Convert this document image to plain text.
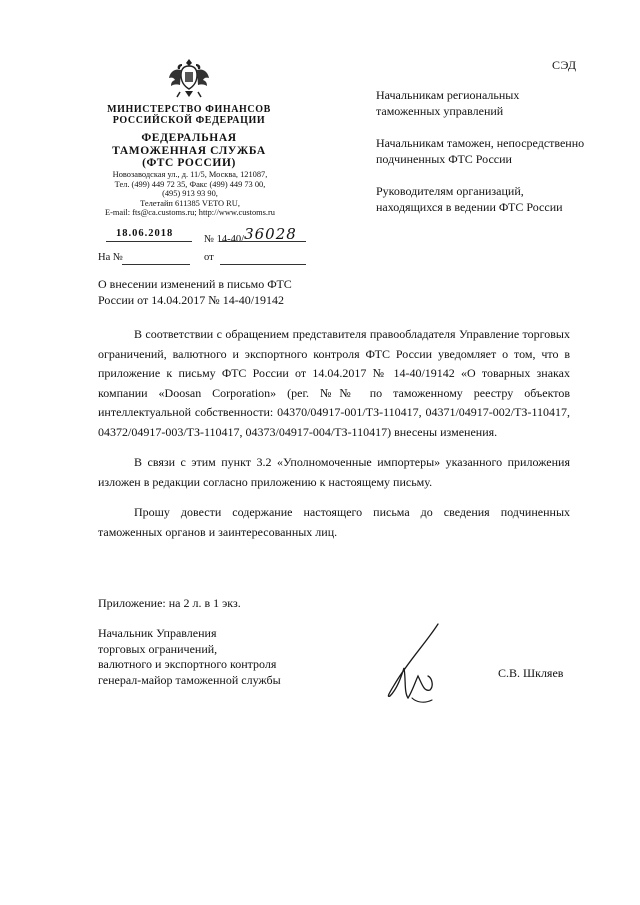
СЭД
МИНИСТЕРСТВО ФИНАНСОВ
РОССИЙСКОЙ ФЕДЕРАЦИИ
ФЕДЕРАЛЬНАЯ
ТАМОЖЕННАЯ СЛУЖБА
(ФТС РОССИИ)
Новозаводская ул., д. 11/5, Москва, 121087,
Тел. (499) 449 72 35, Факс (499) 449 73 00,
(495) 913 93 90,
Телетайп 611385 VETO RU,
E-mail: fts@ca.customs.ru; http://www.customs.ru
18.06.2018
№ 14-40/36028
На №	от

Начальникам региональных таможенных управлений

Начальникам таможен, непосредственно подчиненных ФТС России

Руководителям организаций, находящихся в ведении ФТС России

О внесении изменений в письмо ФТС России от 14.04.2017 № 14-40/19142

В соответствии с обращением представителя правообладателя Управление торговых ограничений, валютного и экспортного контроля ФТС России уведомляет о том, что в приложение к письму ФТС России от 14.04.2017 № 14-40/19142 «О товарных знаках компании «Doosan Corporation» (рег. №№ по таможенному реестру объектов интеллектуальной собственности: 04370/04917-001/ТЗ-110417, 04371/04917-002/ТЗ-110417, 04372/04917-003/ТЗ-110417, 04373/04917-004/ТЗ-110417) внесены изменения.

В связи с этим пункт 3.2 «Уполномоченные импортеры» указанного приложения изложен в редакции согласно приложению к настоящему письму.

Прошу довести содержание настоящего письма до сведения подчиненных таможенных органов и заинтересованных лиц.

Приложение: на 2 л. в 1 экз.
Начальник Управления
торговых ограничений,
валютного и экспортного контроля
генерал-майор таможенной службы	С.В. Шкляев
